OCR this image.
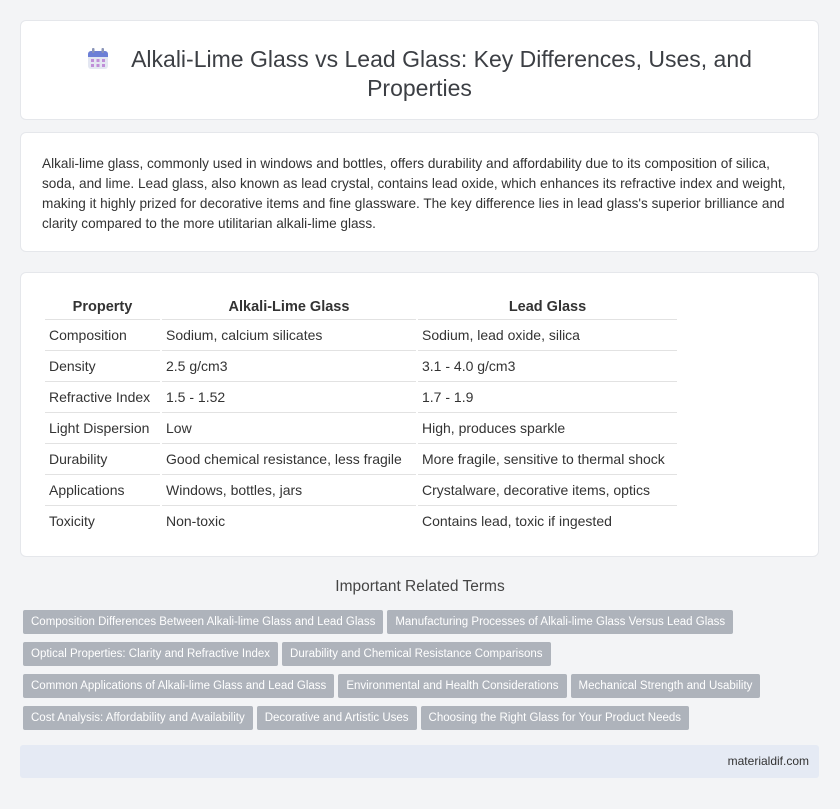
Alkali-Lime Glass vs Lead Glass: Key Differences, Uses, and
Properties

Alkali-lime glass, commonly used in windows and bottles, offers durability and affordability due to its composition of silica, soda, and lime. Lead glass, also known as lead crystal, contains lead oxide, which enhances its refractive index and weight, making it highly prized for decorative items and fine glassware. The key difference lies in lead glass's superior brilliance and clarity compared to the more utilitarian alkali-lime glass.

Property	Alkali-Lime Glass	Lead Glass
Composition	Sodium, calcium silicates	Sodium, lead oxide, silica
Density	2.5 g/cm3	3.1 - 4.0 g/cm3
Refractive Index	1.5 - 1.52	1.7 - 1.9
Light Dispersion	Low	High, produces sparkle
Durability	Good chemical resistance, less fragile	More fragile, sensitive to thermal shock
Applications	Windows, bottles, jars	Crystalware, decorative items, optics
Toxicity	Non-toxic	Contains lead, toxic if ingested
Important Related Terms
Composition Differences Between Alkali-lime Glass and Lead Glass Manufacturing Processes of Alkali-lime Glass Versus Lead Glass
Optical Properties: Clarity and Refractive Index Durability and Chemical Resistance Comparisons
Common Applications of Alkali-lime Glass and Lead Glass Environmental and Health Considerations Mechanical Strength and Usability
Cost Analysis: Affordability and Availability Decorative and Artistic Uses Choosing the Right Glass for Your Product Needs
materialdif.com
